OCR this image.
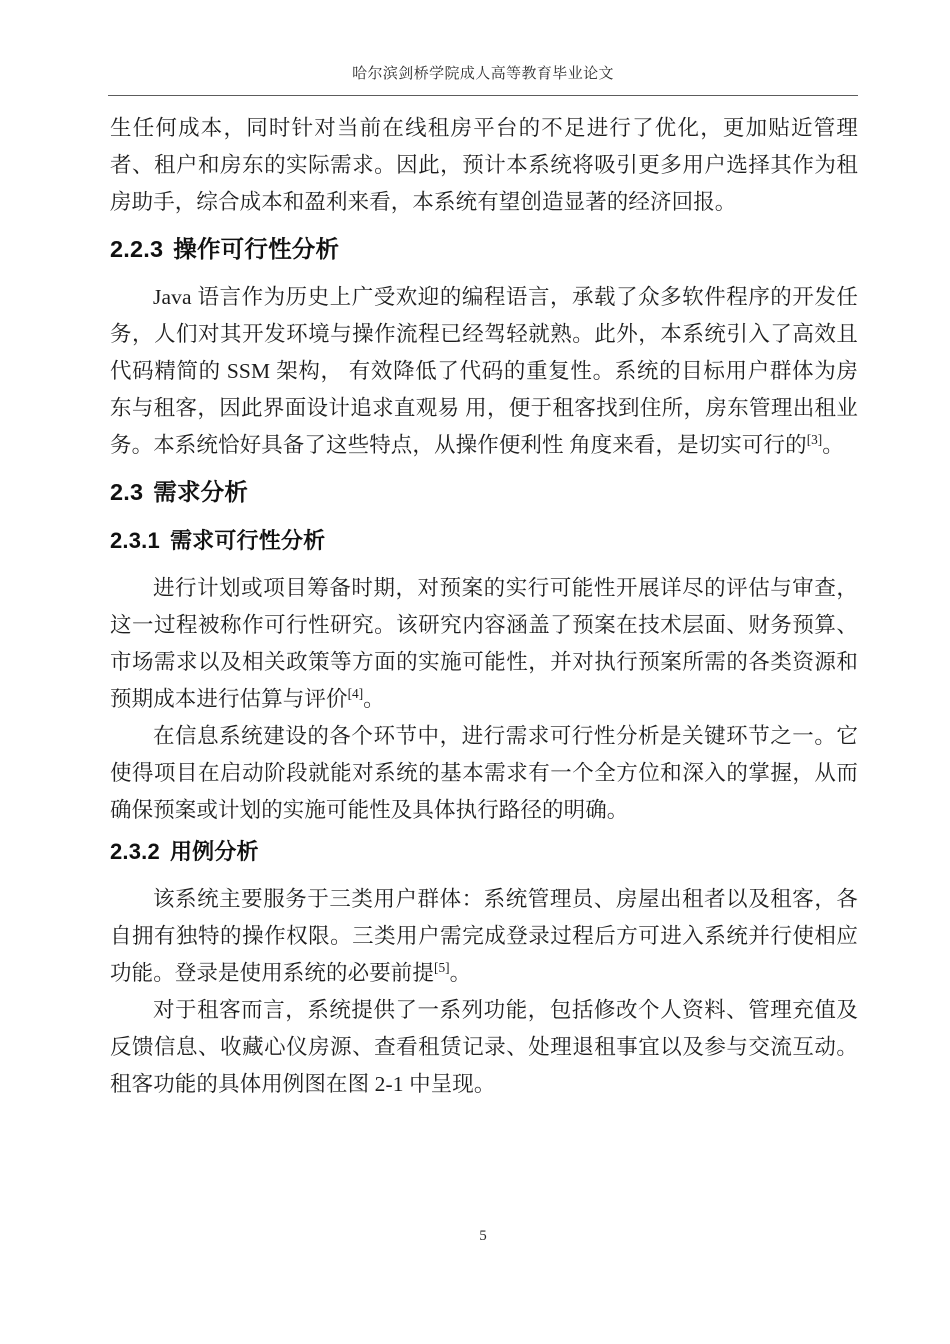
哈尔滨剑桥学院成人高等教育毕业论文

生任何成本，同时针对当前在线租房平台的不足进行了优化，更加贴近管理者、租户和房东的实际需求。因此，预计本系统将吸引更多用户选择其作为租房助手，综合成本和盈利来看，本系统有望创造显著的经济回报。

2.2.3 操作可行性分析

Java 语言作为历史上广受欢迎的编程语言，承载了众多软件程序的开发任务，人们对其开发环境与操作流程已经驾轻就熟。此外，本系统引入了高效且代码精简的 SSM 架构， 有效降低了代码的重复性。系统的目标用户群体为房东与租客，因此界面设计追求直观易 用，便于租客找到住所，房东管理出租业务。本系统恰好具备了这些特点，从操作便利性 角度来看，是切实可行的[3]。

2.3 需求分析
2.3.1 需求可行性分析

进行计划或项目筹备时期，对预案的实行可能性开展详尽的评估与审查，这一过程被称作可行性研究。该研究内容涵盖了预案在技术层面、财务预算、市场需求以及相关政策等方面的实施可能性，并对执行预案所需的各类资源和预期成本进行估算与评价[4]。

在信息系统建设的各个环节中，进行需求可行性分析是关键环节之一。它使得项目在启动阶段就能对系统的基本需求有一个全方位和深入的掌握，从而确保预案或计划的实施可能性及具体执行路径的明确。

2.3.2 用例分析

该系统主要服务于三类用户群体：系统管理员、房屋出租者以及租客，各自拥有独特的操作权限。三类用户需完成登录过程后方可进入系统并行使相应功能。登录是使用系统的必要前提[5]。

对于租客而言，系统提供了一系列功能，包括修改个人资料、管理充值及反馈信息、收藏心仪房源、查看租赁记录、处理退租事宜以及参与交流互动。租客功能的具体用例图在图 2-1 中呈现。

5
